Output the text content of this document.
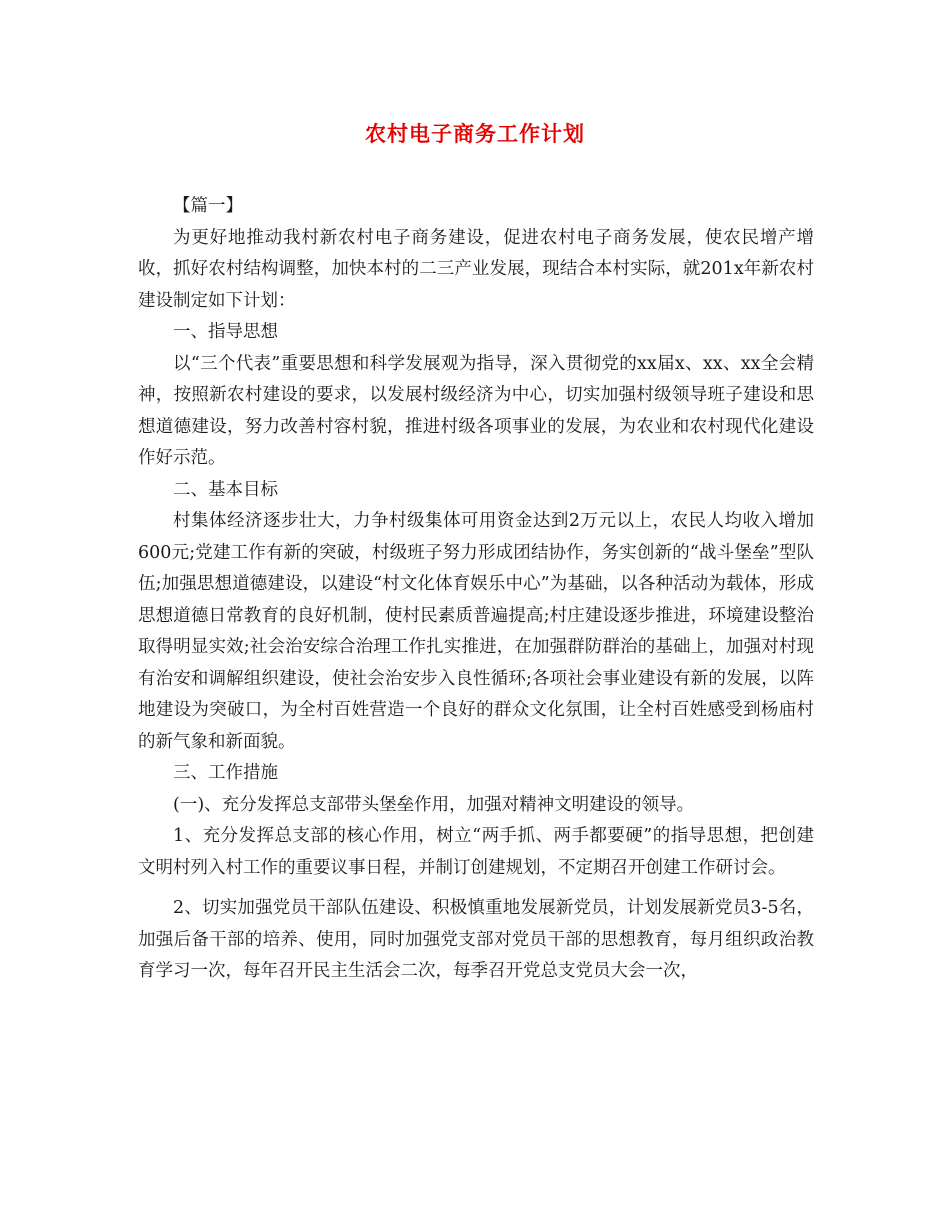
农村电子商务工作计划

【篇一】

为更好地推动我村新农村电子商务建设，促进农村电子商务发展，使农民增产增收，抓好农村结构调整，加快本村的二三产业发展，现结合本村实际，就201x年新农村建设制定如下计划：

一、指导思想

以“三个代表”重要思想和科学发展观为指导，深入贯彻党的xx届x、xx、xx全会精神，按照新农村建设的要求，以发展村级经济为中心，切实加强村级领导班子建设和思想道德建设，努力改善村容村貌，推进村级各项事业的发展，为农业和农村现代化建设作好示范。

二、基本目标

村集体经济逐步壮大，力争村级集体可用资金达到2万元以上，农民人均收入增加600元;党建工作有新的突破，村级班子努力形成团结协作，务实创新的“战斗堡垒”型队伍;加强思想道德建设，以建设“村文化体育娱乐中心”为基础，以各种活动为载体，形成思想道德日常教育的良好机制，使村民素质普遍提高;村庄建设逐步推进，环境建设整治取得明显实效;社会治安综合治理工作扎实推进，在加强群防群治的基础上，加强对村现有治安和调解组织建设，使社会治安步入良性循环;各项社会事业建设有新的发展，以阵地建设为突破口，为全村百姓营造一个良好的群众文化氛围，让全村百姓感受到杨庙村的新气象和新面貌。

三、工作措施

(一)、充分发挥总支部带头堡垒作用，加强对精神文明建设的领导。

1、充分发挥总支部的核心作用，树立“两手抓、两手都要硬”的指导思想，把创建文明村列入村工作的重要议事日程，并制订创建规划，不定期召开创建工作研讨会。

2、切实加强党员干部队伍建设、积极慎重地发展新党员，计划发展新党员3-5名，加强后备干部的培养、使用，同时加强党支部对党员干部的思想教育，每月组织政治教育学习一次，每年召开民主生活会二次，每季召开党总支党员大会一次，
